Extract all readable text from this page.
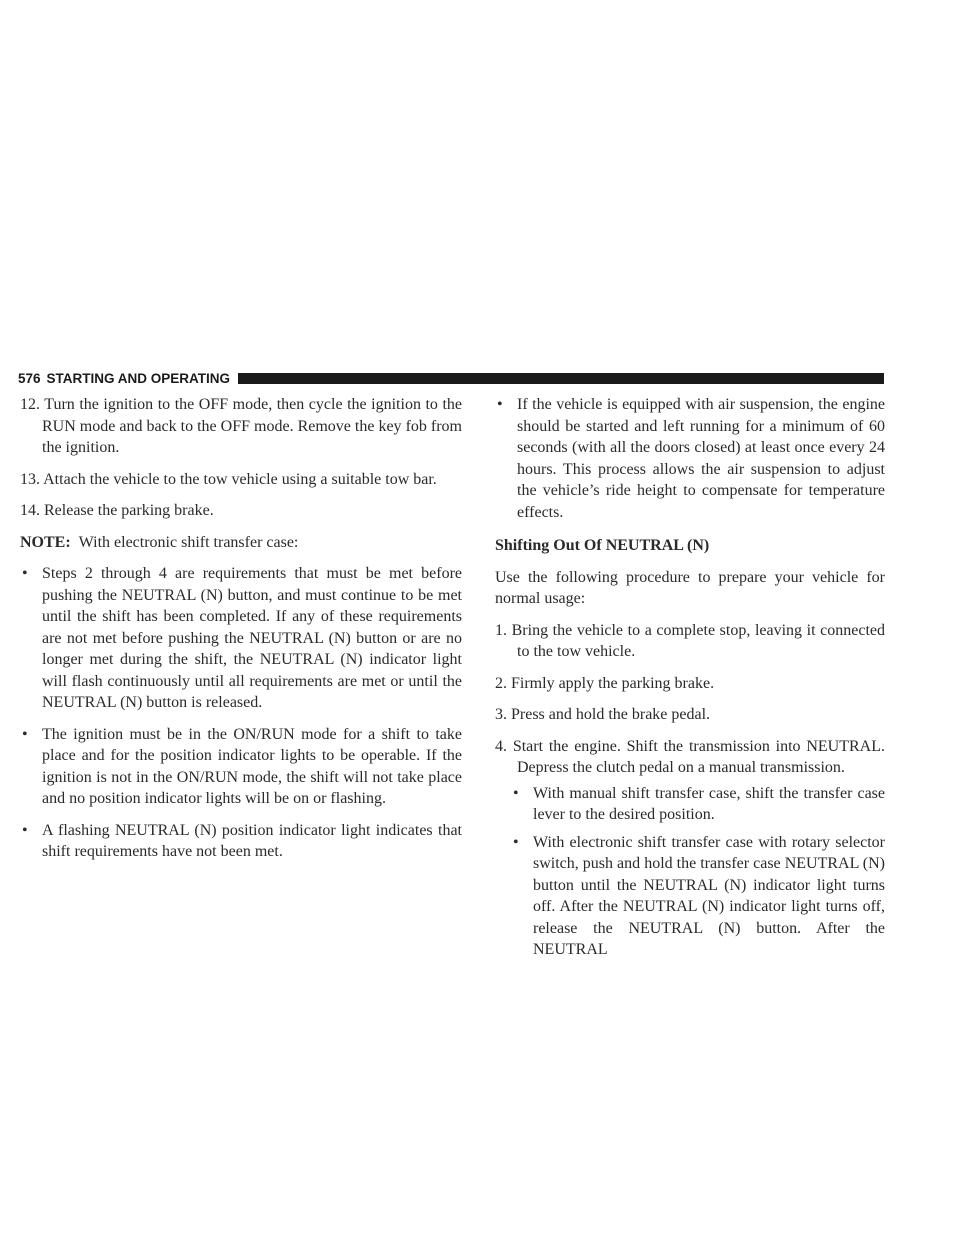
576 STARTING AND OPERATING
12. Turn the ignition to the OFF mode, then cycle the ignition to the RUN mode and back to the OFF mode. Remove the key fob from the ignition.
13. Attach the vehicle to the tow vehicle using a suitable tow bar.
14. Release the parking brake.
NOTE: With electronic shift transfer case:
• Steps 2 through 4 are requirements that must be met before pushing the NEUTRAL (N) button, and must continue to be met until the shift has been completed. If any of these requirements are not met before pushing the NEUTRAL (N) button or are no longer met during the shift, the NEUTRAL (N) indicator light will flash continuously until all requirements are met or until the NEUTRAL (N) button is released.
• The ignition must be in the ON/RUN mode for a shift to take place and for the position indicator lights to be operable. If the ignition is not in the ON/RUN mode, the shift will not take place and no position indicator lights will be on or flashing.
• A flashing NEUTRAL (N) position indicator light indicates that shift requirements have not been met.
• If the vehicle is equipped with air suspension, the engine should be started and left running for a minimum of 60 seconds (with all the doors closed) at least once every 24 hours. This process allows the air suspension to adjust the vehicle’s ride height to compensate for temperature effects.
Shifting Out Of NEUTRAL (N)
Use the following procedure to prepare your vehicle for normal usage:
1. Bring the vehicle to a complete stop, leaving it connected to the tow vehicle.
2. Firmly apply the parking brake.
3. Press and hold the brake pedal.
4. Start the engine. Shift the transmission into NEUTRAL. Depress the clutch pedal on a manual transmission.
• With manual shift transfer case, shift the transfer case lever to the desired position.
• With electronic shift transfer case with rotary selector switch, push and hold the transfer case NEUTRAL (N) button until the NEUTRAL (N) indicator light turns off. After the NEUTRAL (N) indicator light turns off, release the NEUTRAL (N) button. After the NEUTRAL
